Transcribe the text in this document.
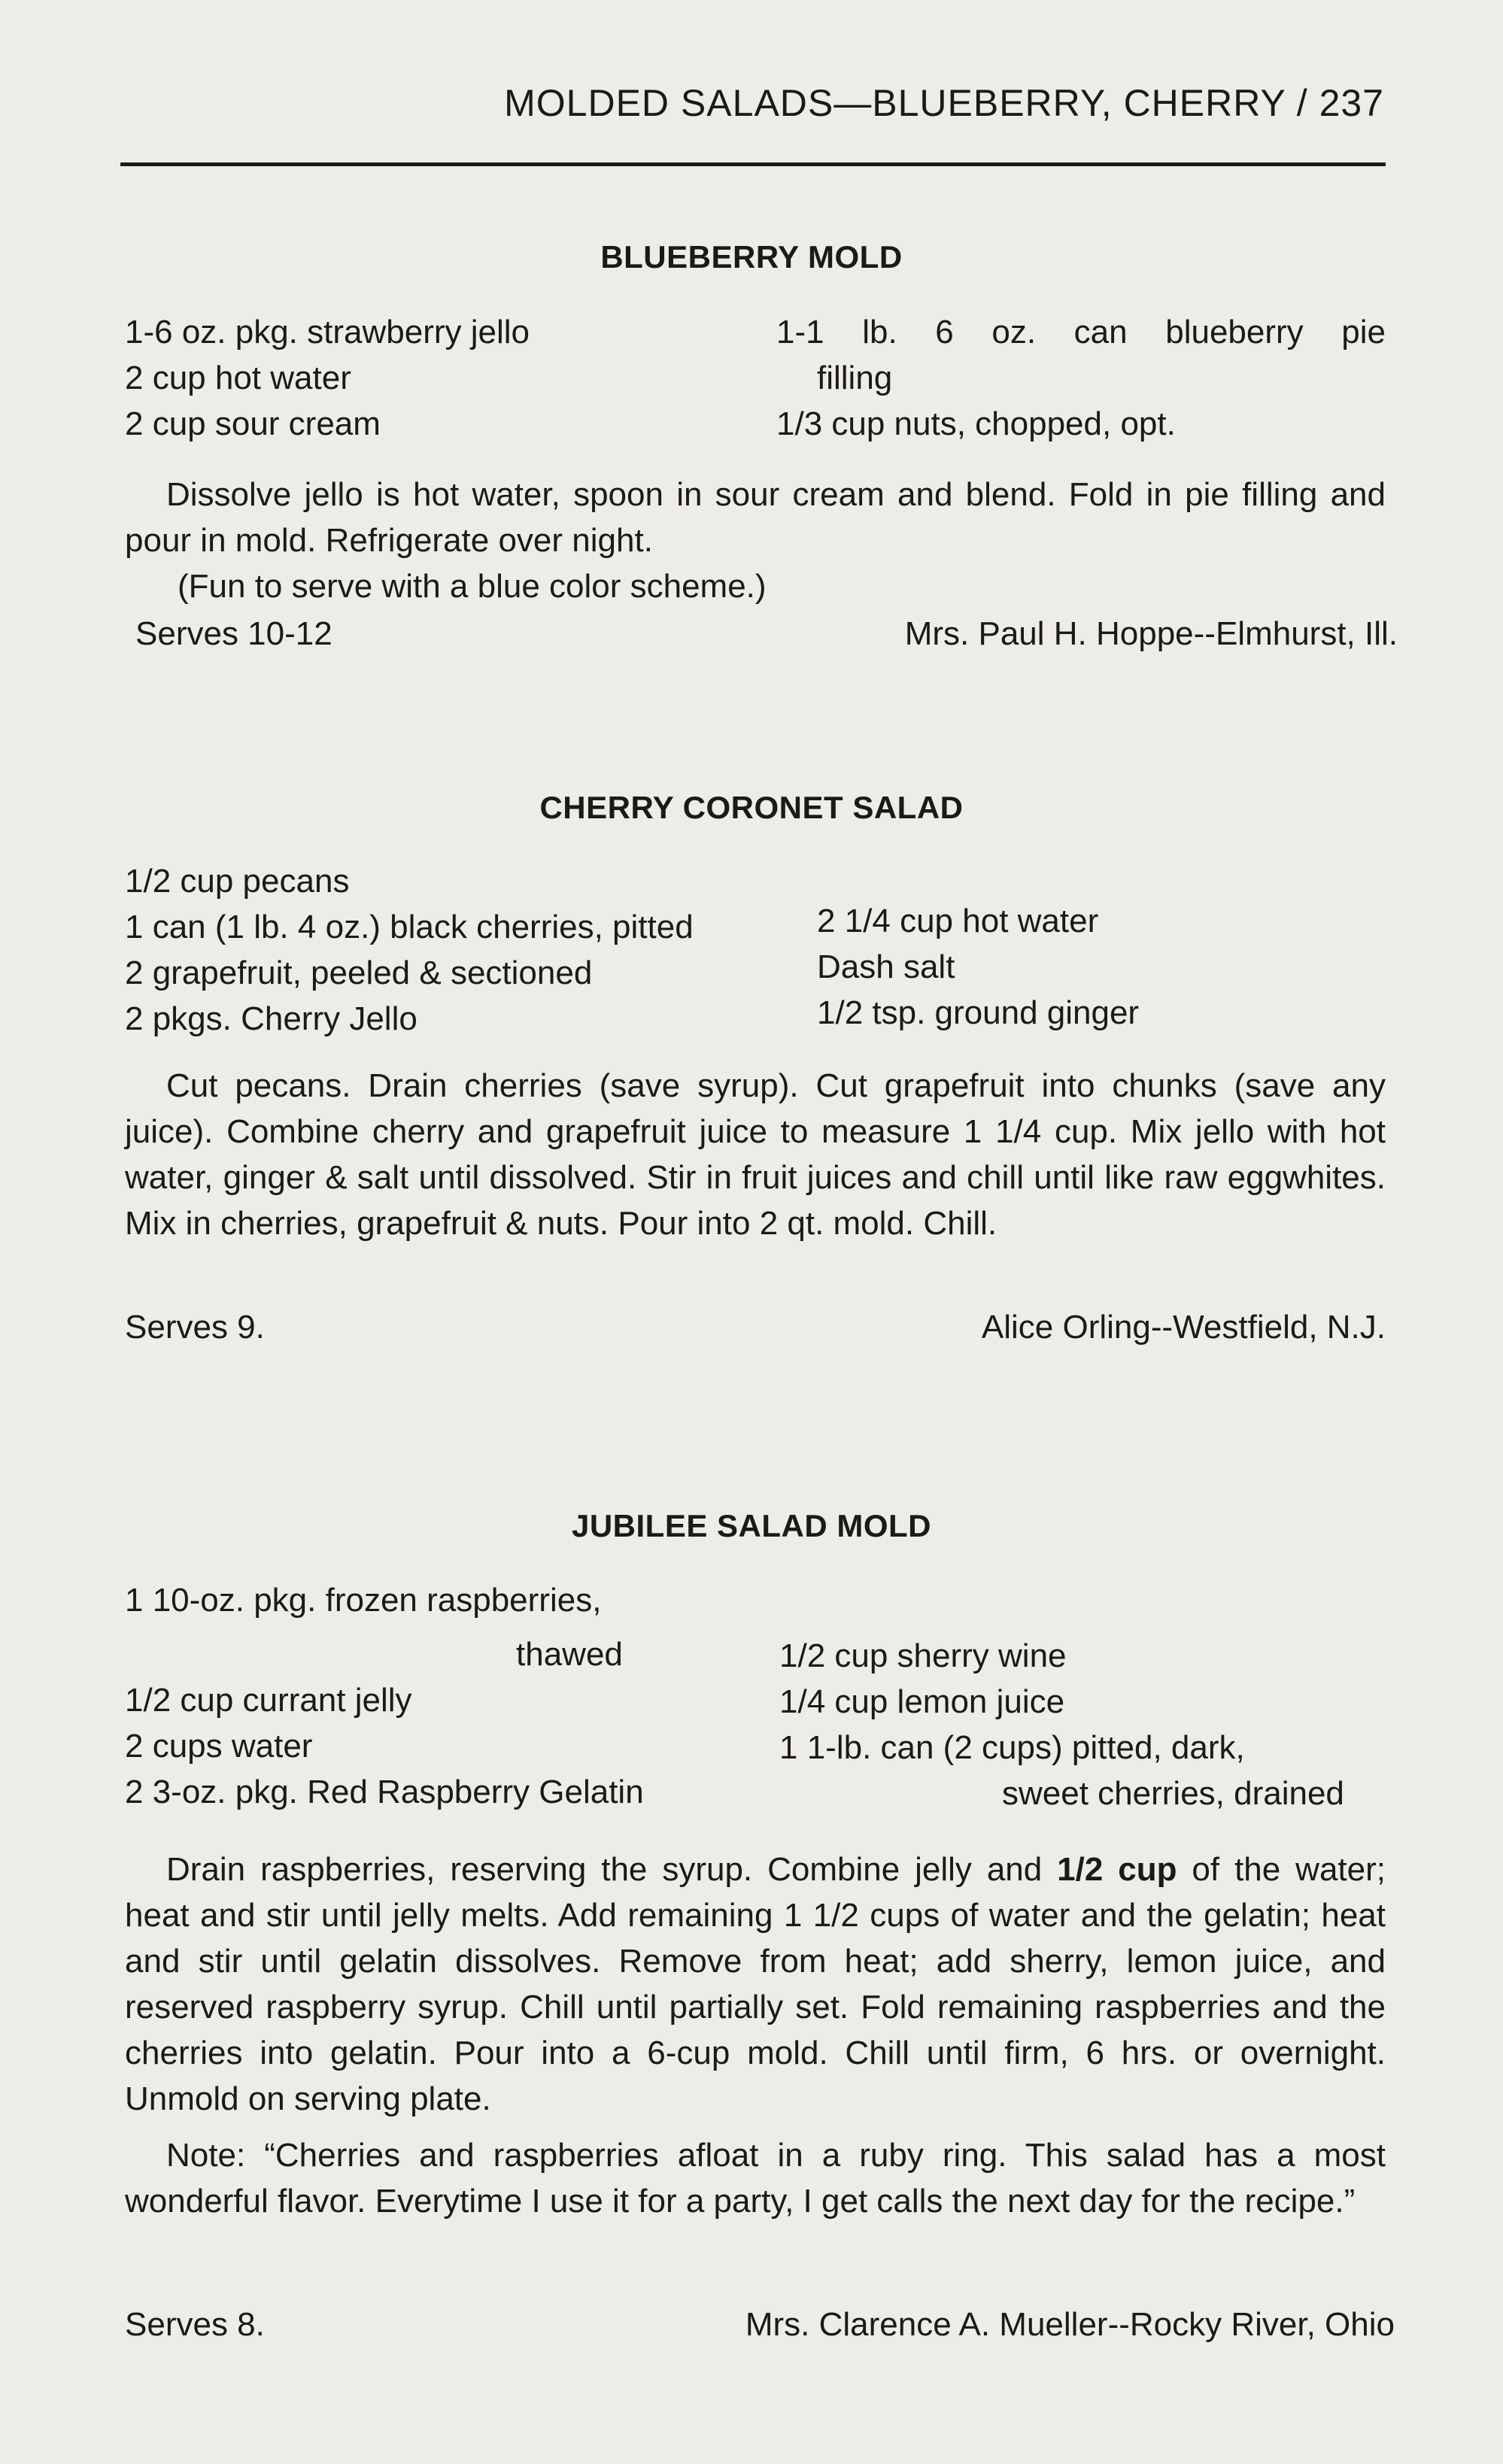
MOLDED SALADS—BLUEBERRY, CHERRY / 237
BLUEBERRY MOLD
1-6 oz. pkg. strawberry jello
2 cup hot water
2 cup sour cream
1-1 lb. 6 oz. can blueberry pie
filling
1/3 cup nuts, chopped, opt.

Dissolve jello is hot water, spoon in sour cream and blend. Fold in pie filling and pour in mold. Refrigerate over night.

(Fun to serve with a blue color scheme.)

Serves 10-12	Mrs. Paul H. Hoppe--Elmhurst, Ill.
CHERRY CORONET SALAD
1/2 cup pecans
1 can (1 lb. 4 oz.) black cherries, pitted
2 grapefruit, peeled & sectioned
2 pkgs. Cherry Jello
2 1/4 cup hot water
Dash salt
1/2 tsp. ground ginger

Cut pecans. Drain cherries (save syrup). Cut grapefruit into chunks (save any juice). Combine cherry and grapefruit juice to measure 1 1/4 cup. Mix jello with hot water, ginger & salt until dissolved. Stir in fruit juices and chill until like raw eggwhites. Mix in cherries, grapefruit & nuts. Pour into 2 qt. mold. Chill.

Serves 9.	Alice Orling--Westfield, N.J.
JUBILEE SALAD MOLD
1 10-oz. pkg. frozen raspberries,
thawed
1/2 cup currant jelly
2 cups water
2 3-oz. pkg. Red Raspberry Gelatin
1/2 cup sherry wine
1/4 cup lemon juice
1 1-lb. can (2 cups) pitted, dark,
sweet cherries, drained

Drain raspberries, reserving the syrup. Combine jelly and 1/2 cup of the water; heat and stir until jelly melts. Add remaining 1 1/2 cups of water and the gelatin; heat and stir until gelatin dissolves. Remove from heat; add sherry, lemon juice, and reserved raspberry syrup. Chill until partially set. Fold remaining raspberries and the cherries into gelatin. Pour into a 6-cup mold. Chill until firm, 6 hrs. or overnight. Unmold on serving plate.

Note: “Cherries and raspberries afloat in a ruby ring. This salad has a most wonderful flavor. Everytime I use it for a party, I get calls the next day for the recipe.”

Serves 8.	Mrs. Clarence A. Mueller--Rocky River, Ohio
